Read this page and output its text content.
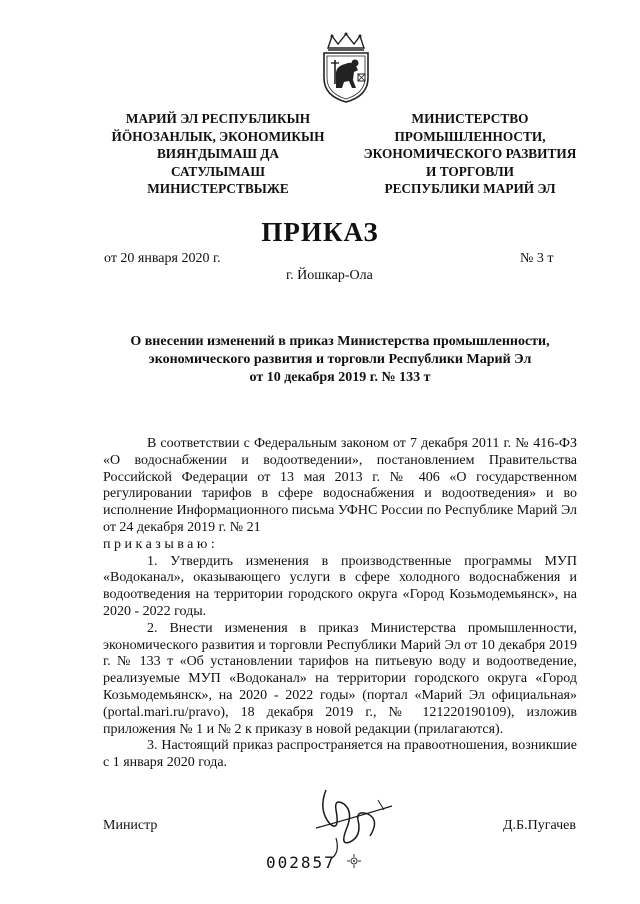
МАРИЙ ЭЛ РЕСПУБЛИКЫН
ЙÖНОЗАНЛЫК, ЭКОНОМИКЫН
ВИЯҤДЫМАШ ДА
САТУЛЫМАШ
МИНИСТЕРСТВЫЖЕ
МИНИСТЕРСТВО
ПРОМЫШЛЕННОСТИ,
ЭКОНОМИЧЕСКОГО РАЗВИТИЯ
И ТОРГОВЛИ
РЕСПУБЛИКИ МАРИЙ ЭЛ
ПРИКАЗ
от 20 января 2020 г.	№ 3 т
г. Йошкар-Ола
О внесении изменений в приказ Министерства промышленности,
экономического развития и торговли Республики Марий Эл
от 10 декабря 2019 г. № 133 т

В соответствии с Федеральным законом от 7 декабря 2011 г. № 416-ФЗ «О водоснабжении и водоотведении», постановлением Правительства Российской Федерации от 13 мая 2013 г. № 406 «О государственном регулировании тарифов в сфере водоснабжения и водоотведения» и во исполнение Информационного письма УФНС России по Республике Марий Эл от 24 декабря 2019 г. № 21

приказываю:

1. Утвердить изменения в производственные программы МУП «Водоканал», оказывающего услуги в сфере холодного водоснабжения и водоотведения на территории городского округа «Город Козьмодемьянск», на 2020 - 2022 годы.

2. Внести изменения в приказ Министерства промышленности, экономического развития и торговли Республики Марий Эл от 10 декабря 2019 г. № 133 т «Об установлении тарифов на питьевую воду и водоотведение, реализуемые МУП «Водоканал» на территории городского округа «Город Козьмодемьянск», на 2020 - 2022 годы» (портал «Марий Эл официальная» (portal.mari.ru/pravo), 18 декабря 2019 г., № 121220190109), изложив приложения № 1 и № 2 к приказу в новой редакции (прилагаются).

3. Настоящий приказ распространяется на правоотношения, возникшие с 1 января 2020 года.

Министр	Д.Б.Пугачев
002857
